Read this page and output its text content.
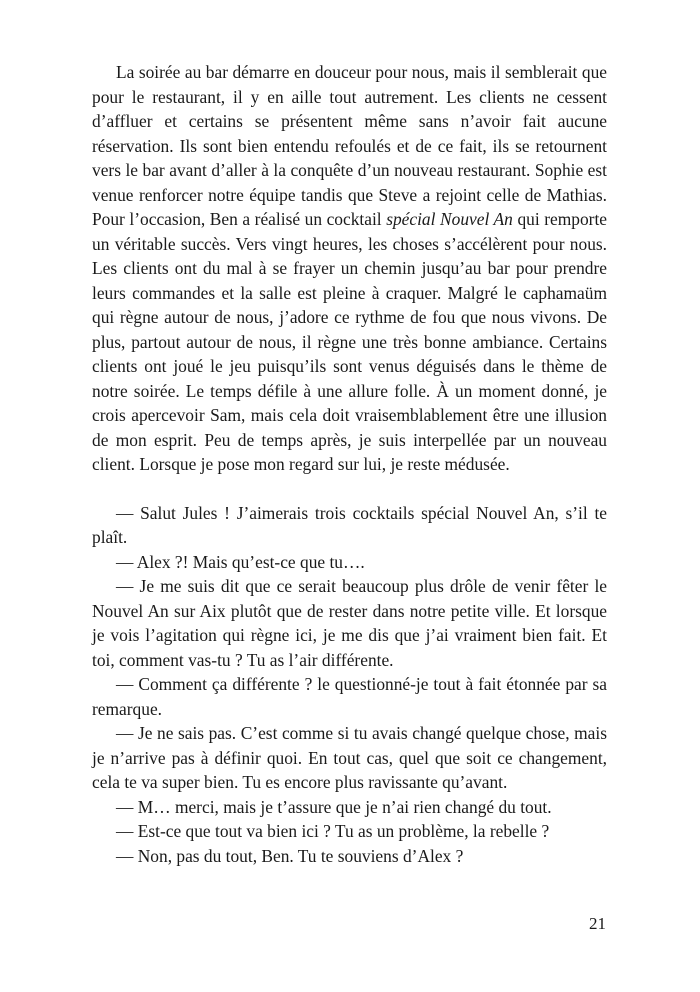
La soirée au bar démarre en douceur pour nous, mais il semblerait que pour le restaurant, il y en aille tout autrement. Les clients ne cessent d’affluer et certains se présentent même sans n’avoir fait aucune réservation. Ils sont bien entendu refoulés et de ce fait, ils se retournent vers le bar avant d’aller à la conquête d’un nouveau restaurant. Sophie est venue renforcer notre équipe tandis que Steve a rejoint celle de Mathias. Pour l’occasion, Ben a réalisé un cocktail spécial Nouvel An qui remporte un véritable succès. Vers vingt heures, les choses s’accélèrent pour nous. Les clients ont du mal à se frayer un chemin jusqu’au bar pour prendre leurs commandes et la salle est pleine à craquer. Malgré le caphamaüm qui règne autour de nous, j’adore ce rythme de fou que nous vivons. De plus, partout autour de nous, il règne une très bonne ambiance. Certains clients ont joué le jeu puisqu’ils sont venus déguisés dans le thème de notre soirée. Le temps défile à une allure folle. À un moment donné, je crois apercevoir Sam, mais cela doit vraisemblablement être une illusion de mon esprit. Peu de temps après, je suis interpellée par un nouveau client. Lorsque je pose mon regard sur lui, je reste médusée.

— Salut Jules ! J’aimerais trois cocktails spécial Nouvel An, s’il te plaît.

— Alex ?! Mais qu’est-ce que tu….

— Je me suis dit que ce serait beaucoup plus drôle de venir fêter le Nouvel An sur Aix plutôt que de rester dans notre petite ville. Et lorsque je vois l’agitation qui règne ici, je me dis que j’ai vraiment bien fait. Et toi, comment vas-tu ? Tu as l’air différente.

— Comment ça différente ? le questionné-je tout à fait étonnée par sa remarque.

— Je ne sais pas. C’est comme si tu avais changé quelque chose, mais je n’arrive pas à définir quoi. En tout cas, quel que soit ce changement, cela te va super bien. Tu es encore plus ravissante qu’avant.

— M… merci, mais je t’assure que je n’ai rien changé du tout.

— Est-ce que tout va bien ici ? Tu as un problème, la rebelle ?

— Non, pas du tout, Ben. Tu te souviens d’Alex ?

21
